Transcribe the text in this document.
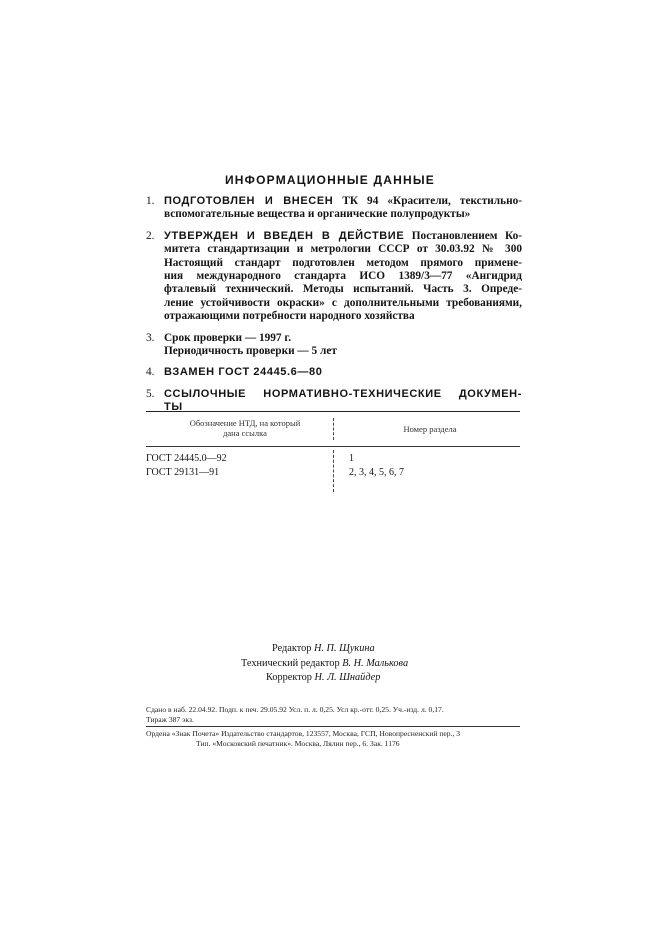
ИНФОРМАЦИОННЫЕ ДАННЫЕ
1. ПОДГОТОВЛЕН И ВНЕСЕН ТК 94 «Красители, текстильно-
вспомогательные вещества и органические полупродукты»
2. УТВЕРЖДЕН И ВВЕДЕН В ДЕЙСТВИЕ Постановлением Ко-
митета стандартизации и метрологии СССР от 30.03.92 № 300
Настоящий стандарт подготовлен методом прямого примене-
ния международного стандарта ИСО 1389/3—77 «Ангидрид
фталевый технический. Методы испытаний. Часть 3. Опреде-
ление устойчивости окраски» с дополнительными требованиями,
отражающими потребности народного хозяйства
3. Срок проверки — 1997 г.
Периодичность проверки — 5 лет
4. ВЗАМЕН ГОСТ 24445.6—80
5. ССЫЛОЧНЫЕ НОРМАТИВНО-ТЕХНИЧЕСКИЕ ДОКУМЕН-
ТЫ
Обозначение НТД, на который
дана ссылка	Номер раздела
ГОСТ 24445.0—92	1
ГОСТ 29131—91	2, 3, 4, 5, 6, 7
Редактор Н. П. Щукина
Технический редактор В. Н. Малькова
Корректор Н. Л. Шнайдер
Сдано в наб. 22.04.92. Подп. к печ. 29.05.92 Усл. п. л. 0,25. Усл кр.-отт. 0,25. Уч.-изд. л. 0,17.
Тираж 387 экз.
Ордена «Знак Почета» Издательство стандартов, 123557, Москва, ГСП, Новопресненский пер., 3
Тип. «Московский печатник». Москва, Лялин пер., 6. Зак. 1176
